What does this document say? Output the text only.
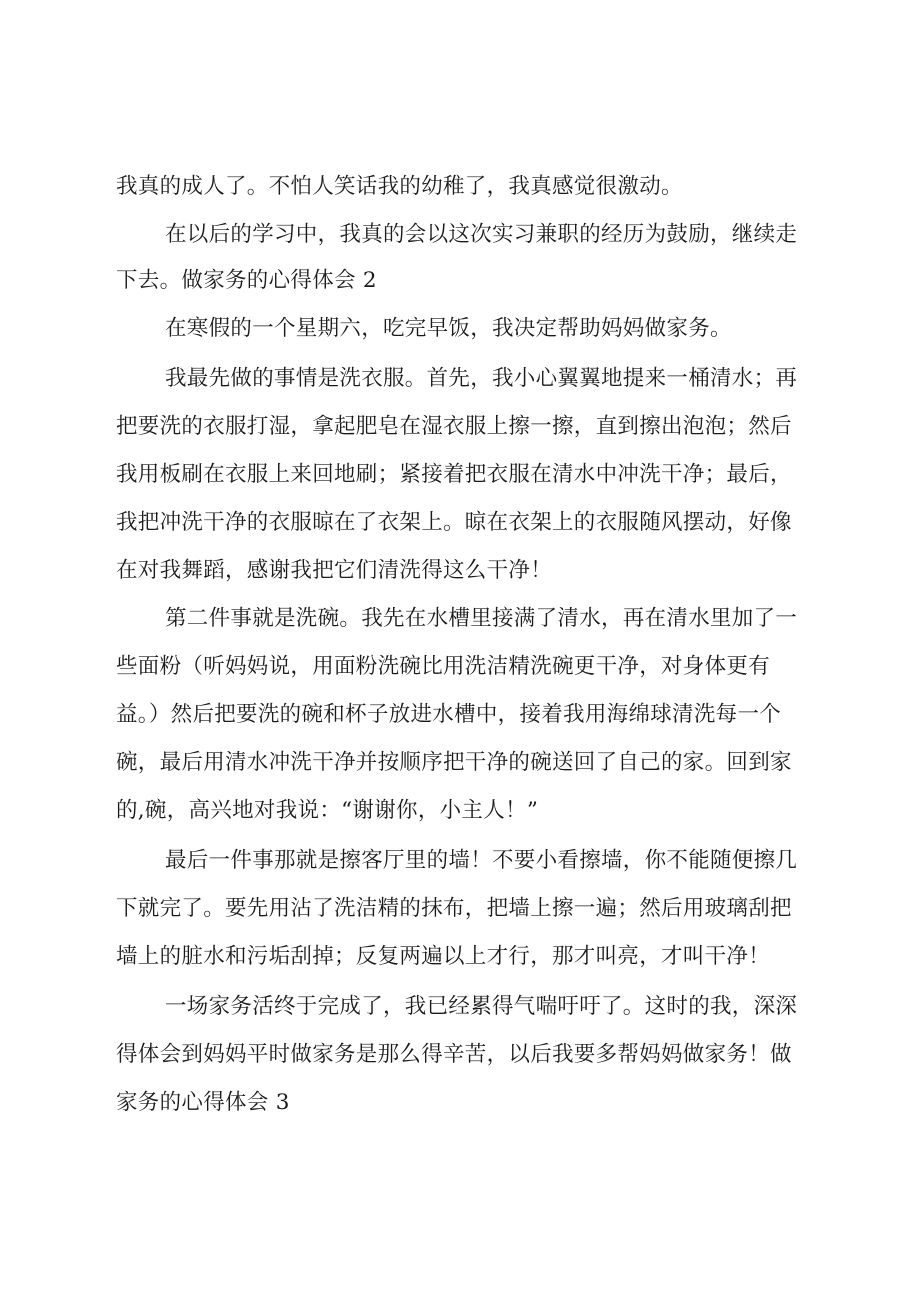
我真的成人了。不怕人笑话我的幼稚了，我真感觉很激动。
在以后的学习中，我真的会以这次实习兼职的经历为鼓励，继续走
下去。做家务的心得体会 2
在寒假的一个星期六，吃完早饭，我决定帮助妈妈做家务。
我最先做的事情是洗衣服。首先，我小心翼翼地提来一桶清水；再
把要洗的衣服打湿，拿起肥皂在湿衣服上擦一擦，直到擦出泡泡；然后
我用板刷在衣服上来回地刷；紧接着把衣服在清水中冲洗干净；最后，
我把冲洗干净的衣服晾在了衣架上。晾在衣架上的衣服随风摆动，好像
在对我舞蹈，感谢我把它们清洗得这么干净！
第二件事就是洗碗。我先在水槽里接满了清水，再在清水里加了一
些面粉（听妈妈说，用面粉洗碗比用洗洁精洗碗更干净，对身体更有
益。）然后把要洗的碗和杯子放进水槽中，接着我用海绵球清洗每一个
碗，最后用清水冲洗干净并按顺序把干净的碗送回了自己的家。回到家
的,碗，高兴地对我说：“谢谢你，小主人！”
最后一件事那就是擦客厅里的墙！不要小看擦墙，你不能随便擦几
下就完了。要先用沾了洗洁精的抹布，把墙上擦一遍；然后用玻璃刮把
墙上的脏水和污垢刮掉；反复两遍以上才行，那才叫亮，才叫干净！
一场家务活终于完成了，我已经累得气喘吁吁了。这时的我，深深
得体会到妈妈平时做家务是那么得辛苦，以后我要多帮妈妈做家务！做
家务的心得体会 3
